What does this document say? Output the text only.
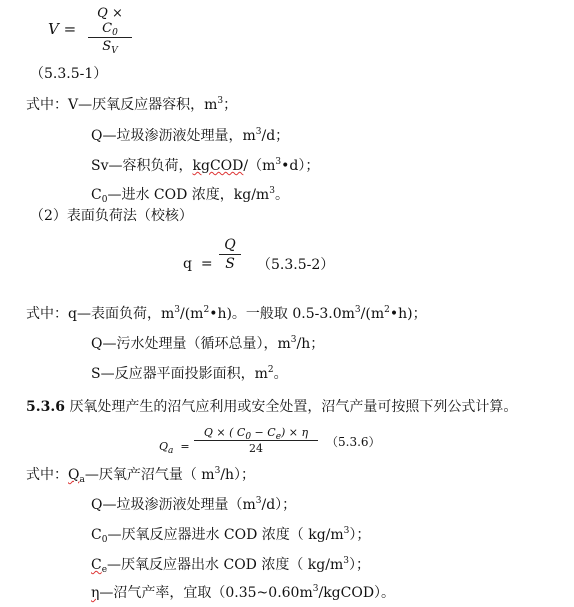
V =
$Q \times C_0$
$S_V$
（5.3.5-1）
式中：V—厌氧反应器容积，$m^3$；
Q—垃圾渗沥液处理量，$m^3/d$；
Sv—容积负荷，kgCOD/$(m^3•d)$；
$C_0—$进水 COD 浓度，$kg/m^3$。
（2）表面负荷法（校核）
q =
Q
S	（5.3.5-2）
式中：q—表面负荷，$m^3/(m^2•h)$。一般取 $0.5-3.0m^3/(m^2•h)$；
Q—污水处理量（循环总量），$m^3/h$；
S—反应器平面投影面积，$m^2$。
5.3.6 厌氧处理产生的沼气应利用或安全处置，沼气产量可按照下列公式计算。
$Q_a$ =
Q × ( $C_0 - C_e) \times \eta$
24	（5.3.6）
式中：$Q_a—$厌氧产沼气量（ $m^3/h$）；
Q—垃圾渗沥液处理量$(m^3/d)$；
$C_0—$厌氧反应器进水 COD 浓度（ $kg/m^3$）；
$C_e—$厌氧反应器出水 COD 浓度（ $kg/m^3$）；
η—沼气产率，宜取$(0.35\sim 0.60m^3/kgCOD)$。
